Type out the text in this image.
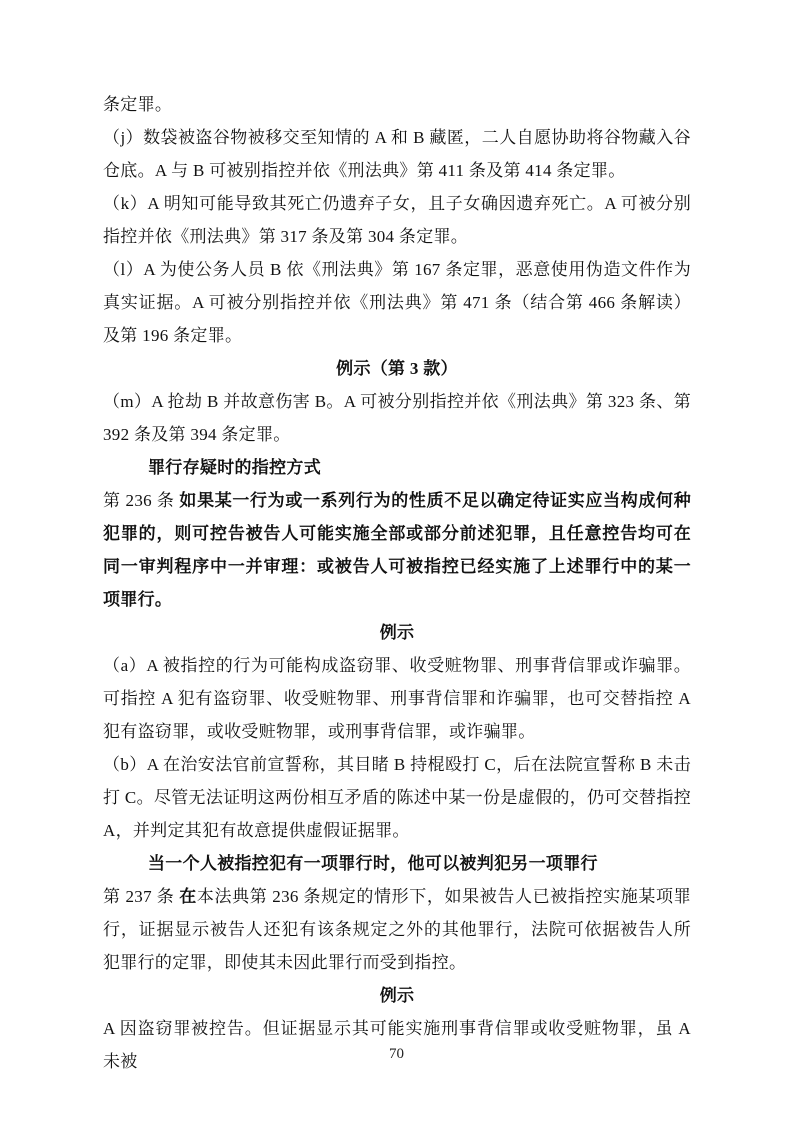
条定罪。

（j）数袋被盗谷物被移交至知情的 A 和 B 藏匿，二人自愿协助将谷物藏入谷仓底。A 与 B 可被别指控并依《刑法典》第 411 条及第 414 条定罪。

（k）A 明知可能导致其死亡仍遗弃子女，且子女确因遗弃死亡。A 可被分别指控并依《刑法典》第 317 条及第 304 条定罪。

（l）A 为使公务人员 B 依《刑法典》第 167 条定罪，恶意使用伪造文件作为真实证据。A 可被分别指控并依《刑法典》第 471 条（结合第 466 条解读）及第 196 条定罪。

例示（第 3 款）

（m）A 抢劫 B 并故意伤害 B。A 可被分别指控并依《刑法典》第 323 条、第 392 条及第 394 条定罪。

罪行存疑时的指控方式

第 236 条 如果某一行为或一系列行为的性质不足以确定待证实应当构成何种犯罪的，则可控告被告人可能实施全部或部分前述犯罪，且任意控告均可在同一审判程序中一并审理：或被告人可被指控已经实施了上述罪行中的某一项罪行。

例示

（a）A 被指控的行为可能构成盗窃罪、收受赃物罪、刑事背信罪或诈骗罪。可指控 A 犯有盗窃罪、收受赃物罪、刑事背信罪和诈骗罪，也可交替指控 A 犯有盗窃罪，或收受赃物罪，或刑事背信罪，或诈骗罪。

（b）A 在治安法官前宣誓称，其目睹 B 持棍殴打 C，后在法院宣誓称 B 未击打 C。尽管无法证明这两份相互矛盾的陈述中某一份是虚假的，仍可交替指控 A，并判定其犯有故意提供虚假证据罪。

当一个人被指控犯有一项罪行时，他可以被判犯另一项罪行

第 237 条 在本法典第 236 条规定的情形下，如果被告人已被指控实施某项罪行，证据显示被告人还犯有该条规定之外的其他罪行，法院可依据被告人所犯罪行的定罪，即使其未因此罪行而受到指控。

例示

A 因盗窃罪被控告。但证据显示其可能实施刑事背信罪或收受赃物罪，虽 A 未被	70
